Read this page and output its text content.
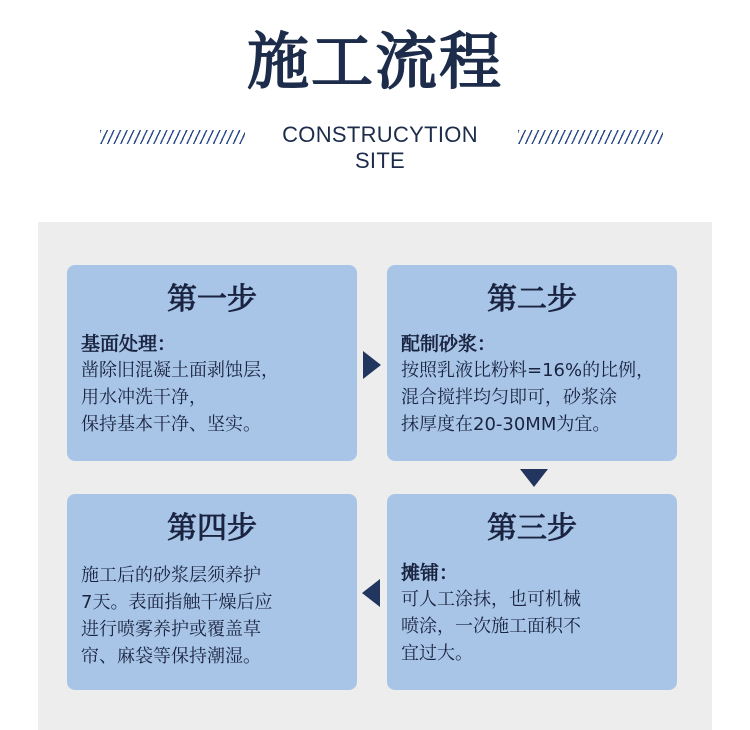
施工流程
CONSTRUCYTION SITE
第一步
基面处理：
凿除旧混凝土面剥蚀层，
用水冲洗干净，
保持基本干净、坚实。
第二步
配制砂浆：
按照乳液比粉料=16%的比例，
混合搅拌均匀即可，砂浆涂
抹厚度在20-30MM为宜。
第三步
摊铺：
可人工涂抹，也可机械
喷涂，一次施工面积不
宜过大。
第四步
施工后的砂浆层须养护
7天。表面指触干燥后应
进行喷雾养护或覆盖草
帘、麻袋等保持潮湿。
